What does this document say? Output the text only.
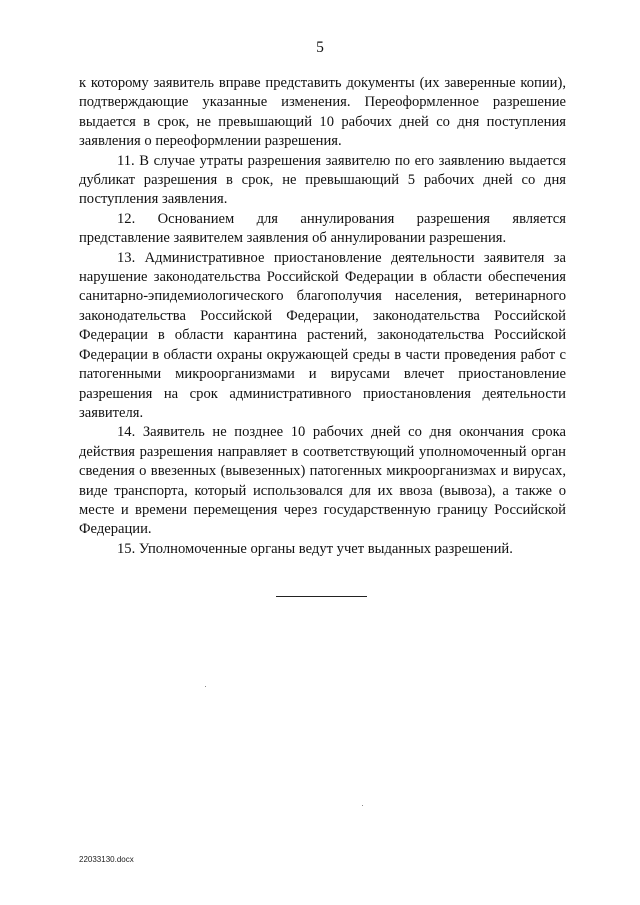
5

к которому заявитель вправе представить документы (их заверенные копии), подтверждающие указанные изменения. Переоформленное разрешение выдается в срок, не превышающий 10 рабочих дней со дня поступления заявления о переоформлении разрешения.

11. В случае утраты разрешения заявителю по его заявлению выдается дубликат разрешения в срок, не превышающий 5 рабочих дней со дня поступления заявления.

12. Основанием для аннулирования разрешения является представление заявителем заявления об аннулировании разрешения.

13. Административное приостановление деятельности заявителя за нарушение законодательства Российской Федерации в области обеспечения санитарно-эпидемиологического благополучия населения, ветеринарного законодательства Российской Федерации, законодательства Российской Федерации в области карантина растений, законодательства Российской Федерации в области охраны окружающей среды в части проведения работ с патогенными микроорганизмами и вирусами влечет приостановление разрешения на срок административного приостановления деятельности заявителя.

14. Заявитель не позднее 10 рабочих дней со дня окончания срока действия разрешения направляет в соответствующий уполномоченный орган сведения о ввезенных (вывезенных) патогенных микроорганизмах и вирусах, виде транспорта, который использовался для их ввоза (вывоза), а также о месте и времени перемещения через государственную границу Российской Федерации.

15. Уполномоченные органы ведут учет выданных разрешений.

22033130.docx
